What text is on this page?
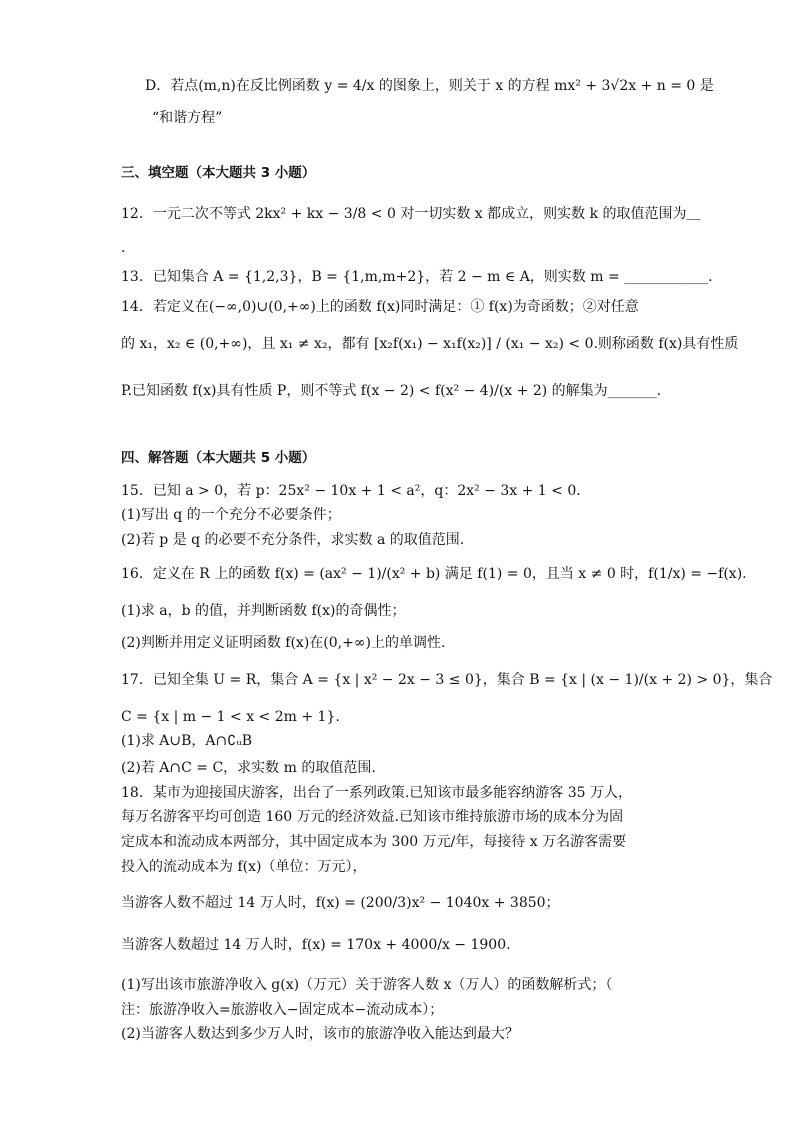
D．若点(m,n)在反比例函数 y = 4/x 的图象上，则关于 x 的方程 mx² + 3√2x + n = 0 是
“和谐方程”
三、填空题（本大题共 3 小题）
12．一元二次不等式 2kx² + kx − 3/8 < 0 对一切实数 x 都成立，则实数 k 的取值范围为＿
.
13．已知集合 A = {1,2,3}，B = {1,m,m+2}，若 2 − m ∈ A，则实数 m = ____________.
14．若定义在(−∞,0)∪(0,+∞)上的函数 f(x)同时满足：① f(x)为奇函数；②对任意
的 x₁，x₂ ∈ (0,+∞)，且 x₁ ≠ x₂，都有 [x₂f(x₁) − x₁f(x₂)] / (x₁ − x₂) < 0.则称函数 f(x)具有性质
P.已知函数 f(x)具有性质 P，则不等式 f(x − 2) < f(x² − 4)/(x + 2) 的解集为_______.
四、解答题（本大题共 5 小题）
15．已知 a > 0，若 p：25x² − 10x + 1 < a²，q：2x² − 3x + 1 < 0.
(1)写出 q 的一个充分不必要条件；
(2)若 p 是 q 的必要不充分条件，求实数 a 的取值范围.
16．定义在 R 上的函数 f(x) = (ax² − 1)/(x² + b) 满足 f(1) = 0，且当 x ≠ 0 时，f(1/x) = −f(x).
(1)求 a，b 的值，并判断函数 f(x)的奇偶性；
(2)判断并用定义证明函数 f(x)在(0,+∞)上的单调性.
17．已知全集 U = R，集合 A = {x | x² − 2x − 3 ≤ 0}，集合 B = {x | (x − 1)/(x + 2) > 0}，集合
C = {x | m − 1 < x < 2m + 1}.
(1)求 A∪B，A∩∁ᵤB
(2)若 A∩C = C，求实数 m 的取值范围.
18．某市为迎接国庆游客，出台了一系列政策.已知该市最多能容纳游客 35 万人，
每万名游客平均可创造 160 万元的经济效益.已知该市维持旅游市场的成本分为固
定成本和流动成本两部分，其中固定成本为 300 万元/年，每接待 x 万名游客需要
投入的流动成本为 f(x)（单位：万元），
当游客人数不超过 14 万人时，f(x) = (200/3)x² − 1040x + 3850；
当游客人数超过 14 万人时，f(x) = 170x + 4000/x − 1900.
(1)写出该市旅游净收入 g(x)（万元）关于游客人数 x（万人）的函数解析式；（
注：旅游净收入=旅游收入−固定成本−流动成本）；
(2)当游客人数达到多少万人时，该市的旅游净收入能达到最大？
